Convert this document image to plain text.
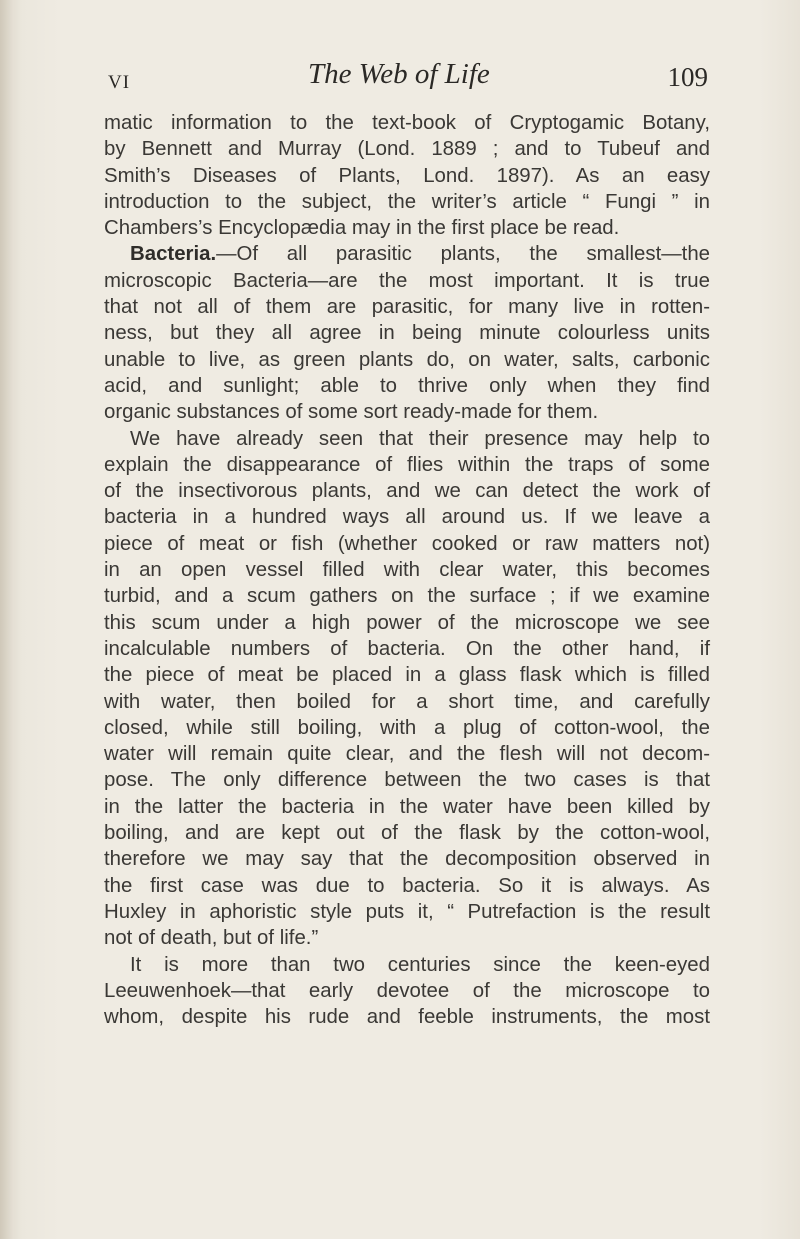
VI	The Web of Life	109
matic information to the text-book of Cryptogamic Botany,
by Bennett and Murray (Lond. 1889 ; and to Tubeuf and
Smith’s Diseases of Plants, Lond. 1897). As an easy
introduction to the subject, the writer’s article “ Fungi ” in
Chambers’s Encyclopædia may in the first place be read.
Bacteria.—Of all parasitic plants, the smallest—the
microscopic Bacteria—are the most important. It is true
that not all of them are parasitic, for many live in rotten-
ness, but they all agree in being minute colourless units
unable to live, as green plants do, on water, salts, carbonic
acid, and sunlight; able to thrive only when they find
organic substances of some sort ready-made for them.
We have already seen that their presence may help to
explain the disappearance of flies within the traps of some
of the insectivorous plants, and we can detect the work of
bacteria in a hundred ways all around us. If we leave a
piece of meat or fish (whether cooked or raw matters not)
in an open vessel filled with clear water, this becomes
turbid, and a scum gathers on the surface ; if we examine
this scum under a high power of the microscope we see
incalculable numbers of bacteria. On the other hand, if
the piece of meat be placed in a glass flask which is filled
with water, then boiled for a short time, and carefully
closed, while still boiling, with a plug of cotton-wool, the
water will remain quite clear, and the flesh will not decom-
pose. The only difference between the two cases is that
in the latter the bacteria in the water have been killed by
boiling, and are kept out of the flask by the cotton-wool,
therefore we may say that the decomposition observed in
the first case was due to bacteria. So it is always. As
Huxley in aphoristic style puts it, “ Putrefaction is the result
not of death, but of life.”
It is more than two centuries since the keen-eyed
Leeuwenhoek—that early devotee of the microscope to
whom, despite his rude and feeble instruments, the most
